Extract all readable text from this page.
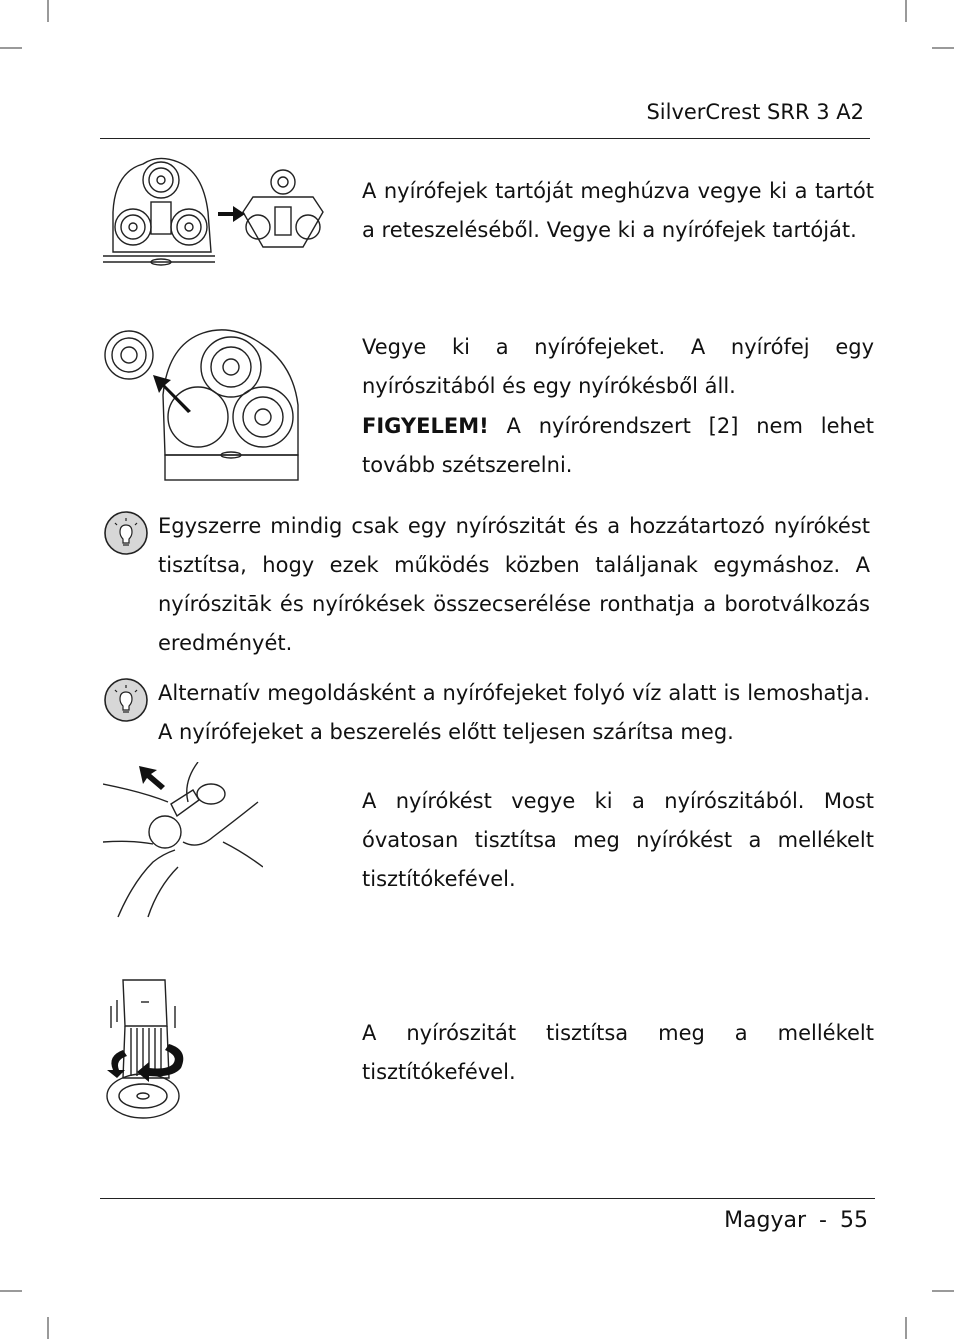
SilverCrest SRR 3 A2
A nyírófejek tartóját meghúzva vegye ki a tartót a reteszeléséből. Vegye ki a nyírófejek tartóját.
Vegye ki a nyírófejeket. A nyírófej egy nyírószitából és egy nyírókésből áll.
FIGYELEM! A nyírórendszert [2] nem lehet tovább szétszerelni.
Egyszerre mindig csak egy nyírószitát és a hozzátartozó nyírókést tisztítsa, hogy ezek működés közben találjanak egymáshoz. A nyírószitāk és nyírókések összecserélése ronthatja a borotválkozás eredményét.
Alternatív megoldásként a nyírófejeket folyó víz alatt is lemoshatja. A nyírófejeket a beszerelés előtt teljesen szárítsa meg.
A nyírókést vegye ki a nyírószitából. Most óvatosan tisztítsa meg nyírókést a mellékelt tisztítókefével.
A nyírószitát tisztítsa meg a mellékelt tisztítókefével.
Magyar - 55
